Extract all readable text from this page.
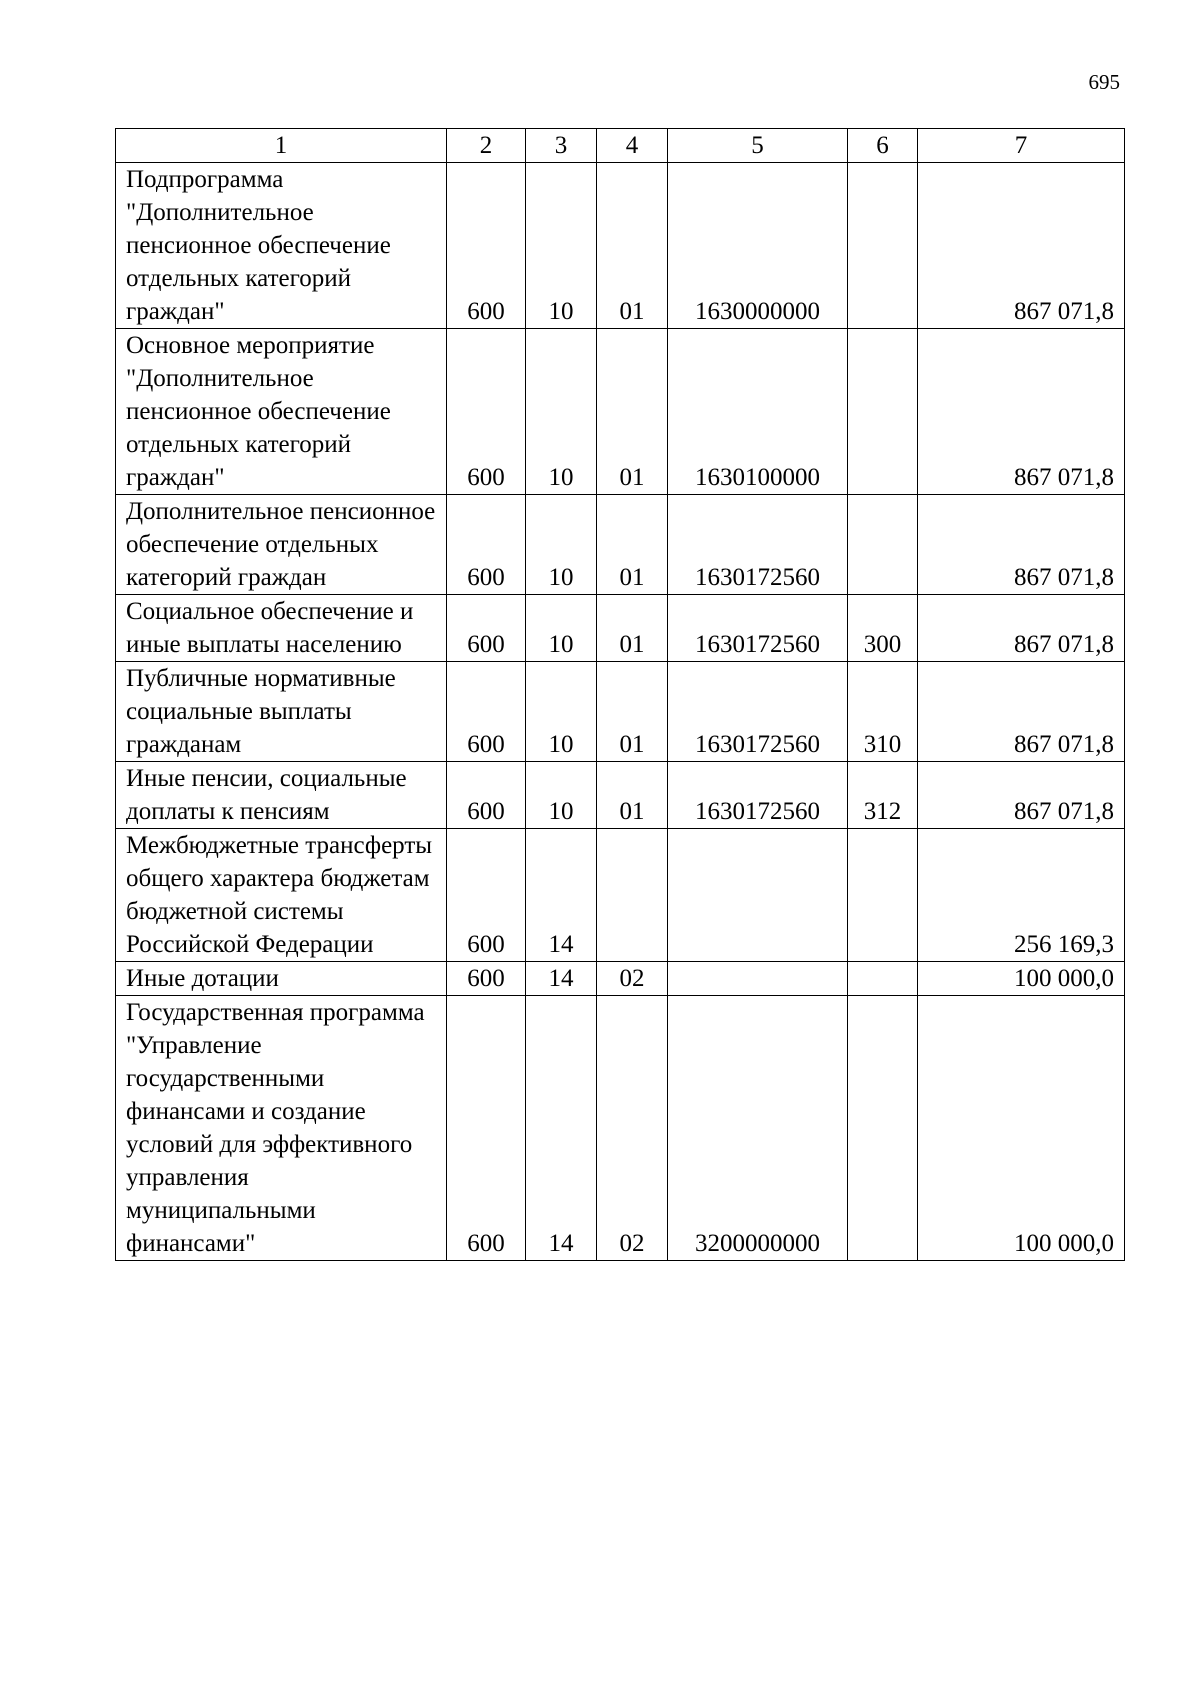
695
1	2	3	4	5	6	7
Подпрограмма "Дополнительное пенсионное обеспечение отдельных категорий граждан"	600	10	01	1630000000		867 071,8
Основное мероприятие "Дополнительное пенсионное обеспечение отдельных категорий граждан"	600	10	01	1630100000		867 071,8
Дополнительное пенсионное обеспечение отдельных категорий граждан	600	10	01	1630172560		867 071,8
Социальное обеспечение и иные выплаты населению	600	10	01	1630172560	300	867 071,8
Публичные нормативные социальные выплаты гражданам	600	10	01	1630172560	310	867 071,8
Иные пенсии, социальные доплаты к пенсиям	600	10	01	1630172560	312	867 071,8
Межбюджетные трансферты общего характера бюджетам бюджетной системы Российской Федерации	600	14				256 169,3
Иные дотации	600	14	02			100 000,0
Государственная программа "Управление государственными финансами и создание условий для эффективного управления муниципальными финансами"	600	14	02	3200000000		100 000,0
